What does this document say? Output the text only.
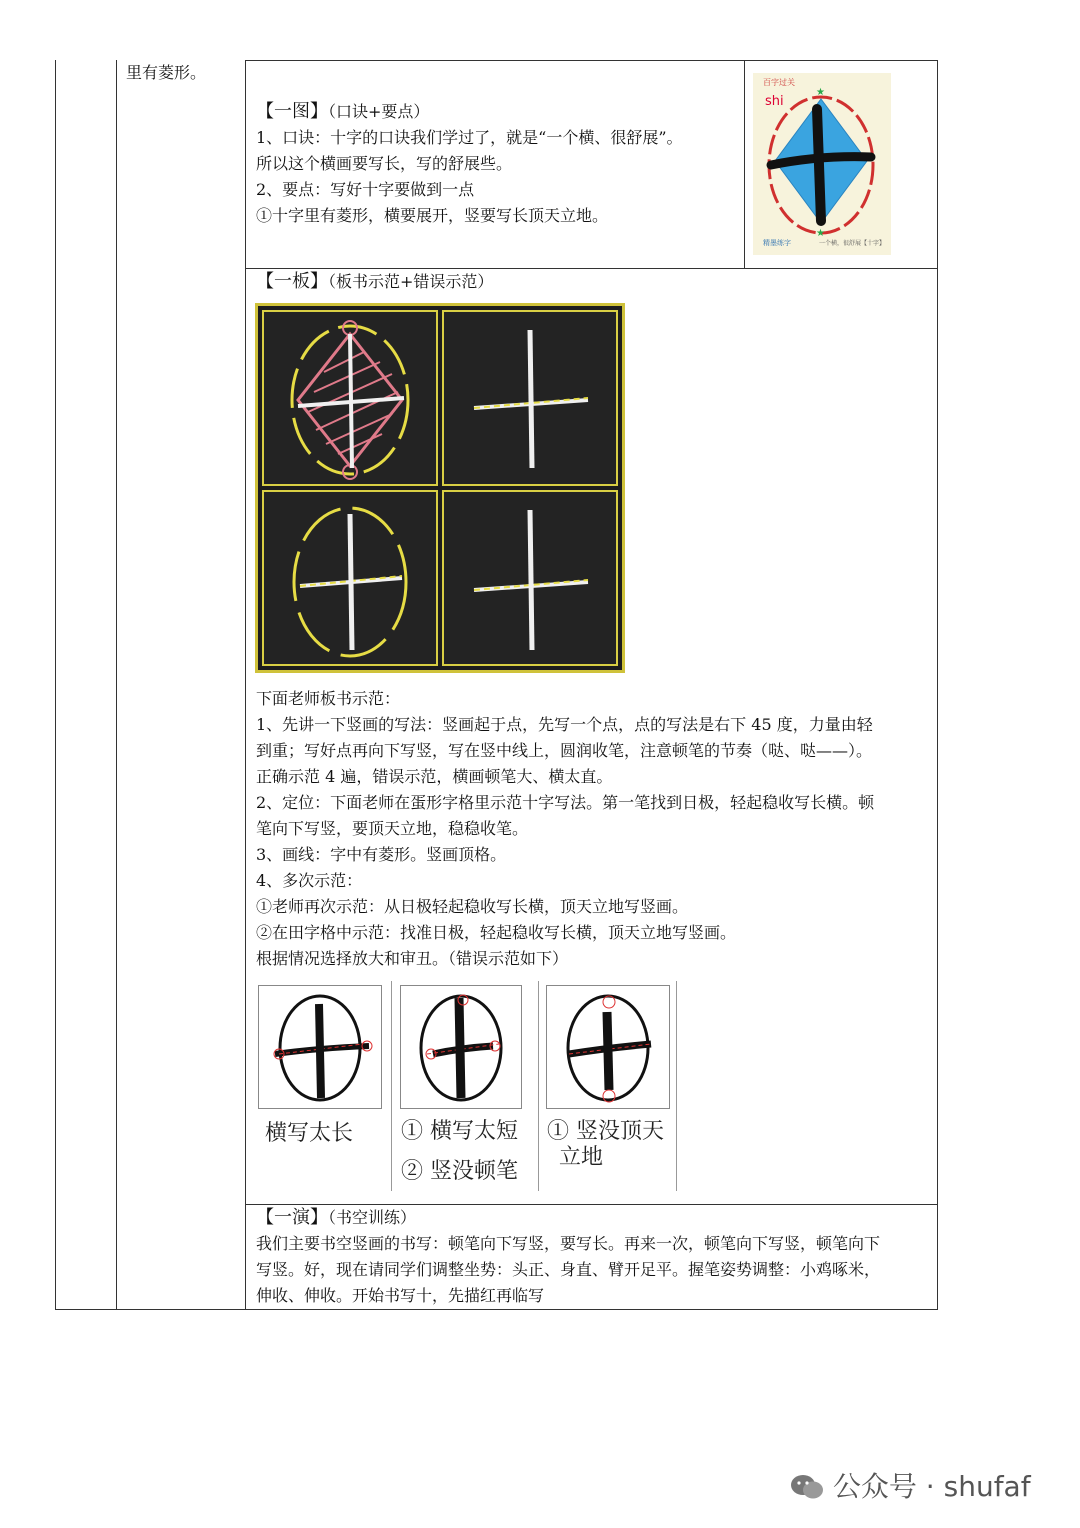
里有菱形。
【一图】（口诀+要点）
1、口诀：十字的口诀我们学过了，就是“一个横、很舒展”。
所以这个横画要写长，写的舒展些。
2、要点：写好十字要做到一点
①十字里有菱形，横要展开，竖要写长顶天立地。
百字过关
shi
★
★
精墨练字	一个横，很舒展【十字】
【一板】（板书示范+错误示范）
下面老师板书示范：
1、先讲一下竖画的写法：竖画起于点，先写一个点，点的写法是右下 45 度，力量由轻
到重；写好点再向下写竖，写在竖中线上，圆润收笔，注意顿笔的节奏（哒、哒——）。
正确示范 4 遍，错误示范，横画顿笔大、横太直。
2、定位：下面老师在蛋形字格里示范十字写法。第一笔找到日极，轻起稳收写长横。顿
笔向下写竖，要顶天立地，稳稳收笔。
3、画线：字中有菱形。竖画顶格。
4、多次示范：
①老师再次示范：从日极轻起稳收写长横，顶天立地写竖画。
②在田字格中示范：找准日极，轻起稳收写长横，顶天立地写竖画。
根据情况选择放大和审丑。（错误示范如下）
横写太长 ① 横写太短
② 竖没顿笔
① 竖没顶天
立地
【一演】（书空训练）
我们主要书空竖画的书写：顿笔向下写竖，要写长。再来一次，顿笔向下写竖，顿笔向下
写竖。好，现在请同学们调整坐势：头正、身直、臂开足平。握笔姿势调整：小鸡啄米，
伸收、伸收。开始书写十，先描红再临写
公众号 · shufaf
